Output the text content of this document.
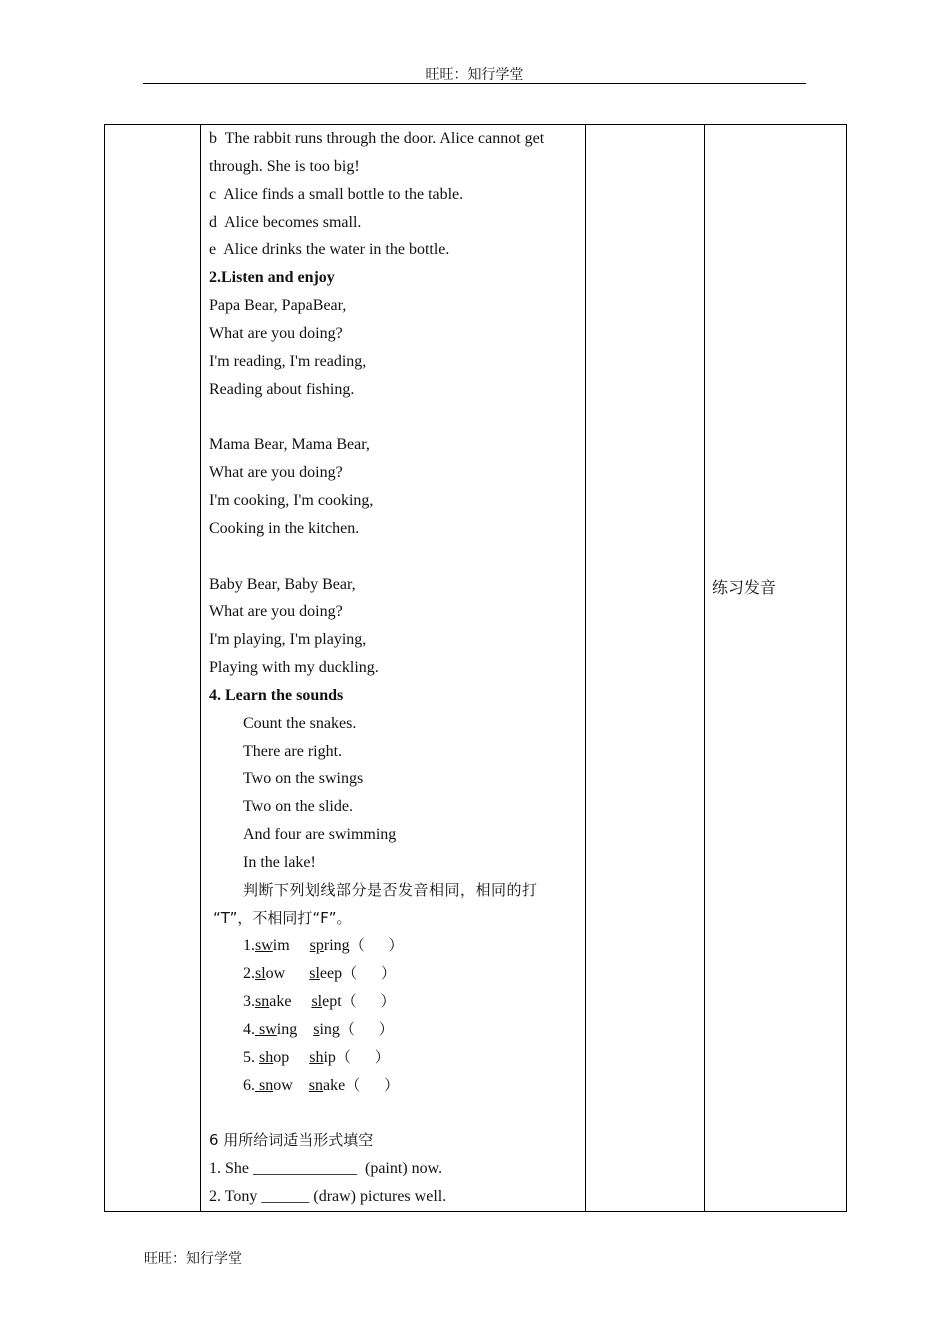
旺旺：知行学堂

b  The rabbit runs through the door. Alice cannot get
through. She is too big!
c  Alice finds a small bottle to the table.
d  Alice becomes small.
e  Alice drinks the water in the bottle.
2.Listen and enjoy
Papa Bear, PapaBear,
What are you doing?
I'm reading, I'm reading,
Reading about fishing.
Mama Bear, Mama Bear,
What are you doing?
I'm cooking, I'm cooking,
Cooking in the kitchen.
Baby Bear, Baby Bear,
What are you doing?
I'm playing, I'm playing,
Playing with my duckling.
4. Learn the sounds
Count the snakes.
There are right.
Two on the swings
Two on the slide.
And four are swimming
In the lake!
判断下列划线部分是否发音相同，相同的打
“T”，不相同打“F”。
1.swim spring（     ）
2.slow sleep（     ）
3.snake slept（     ）
4. swing sing（     ）
5. shop ship（     ）
6. snow snake（     ）
6 用所给词适当形式填空
1. She _____________  (paint) now.
2. Tony ______ (draw) pictures well.

练习发音
旺旺：知行学堂
